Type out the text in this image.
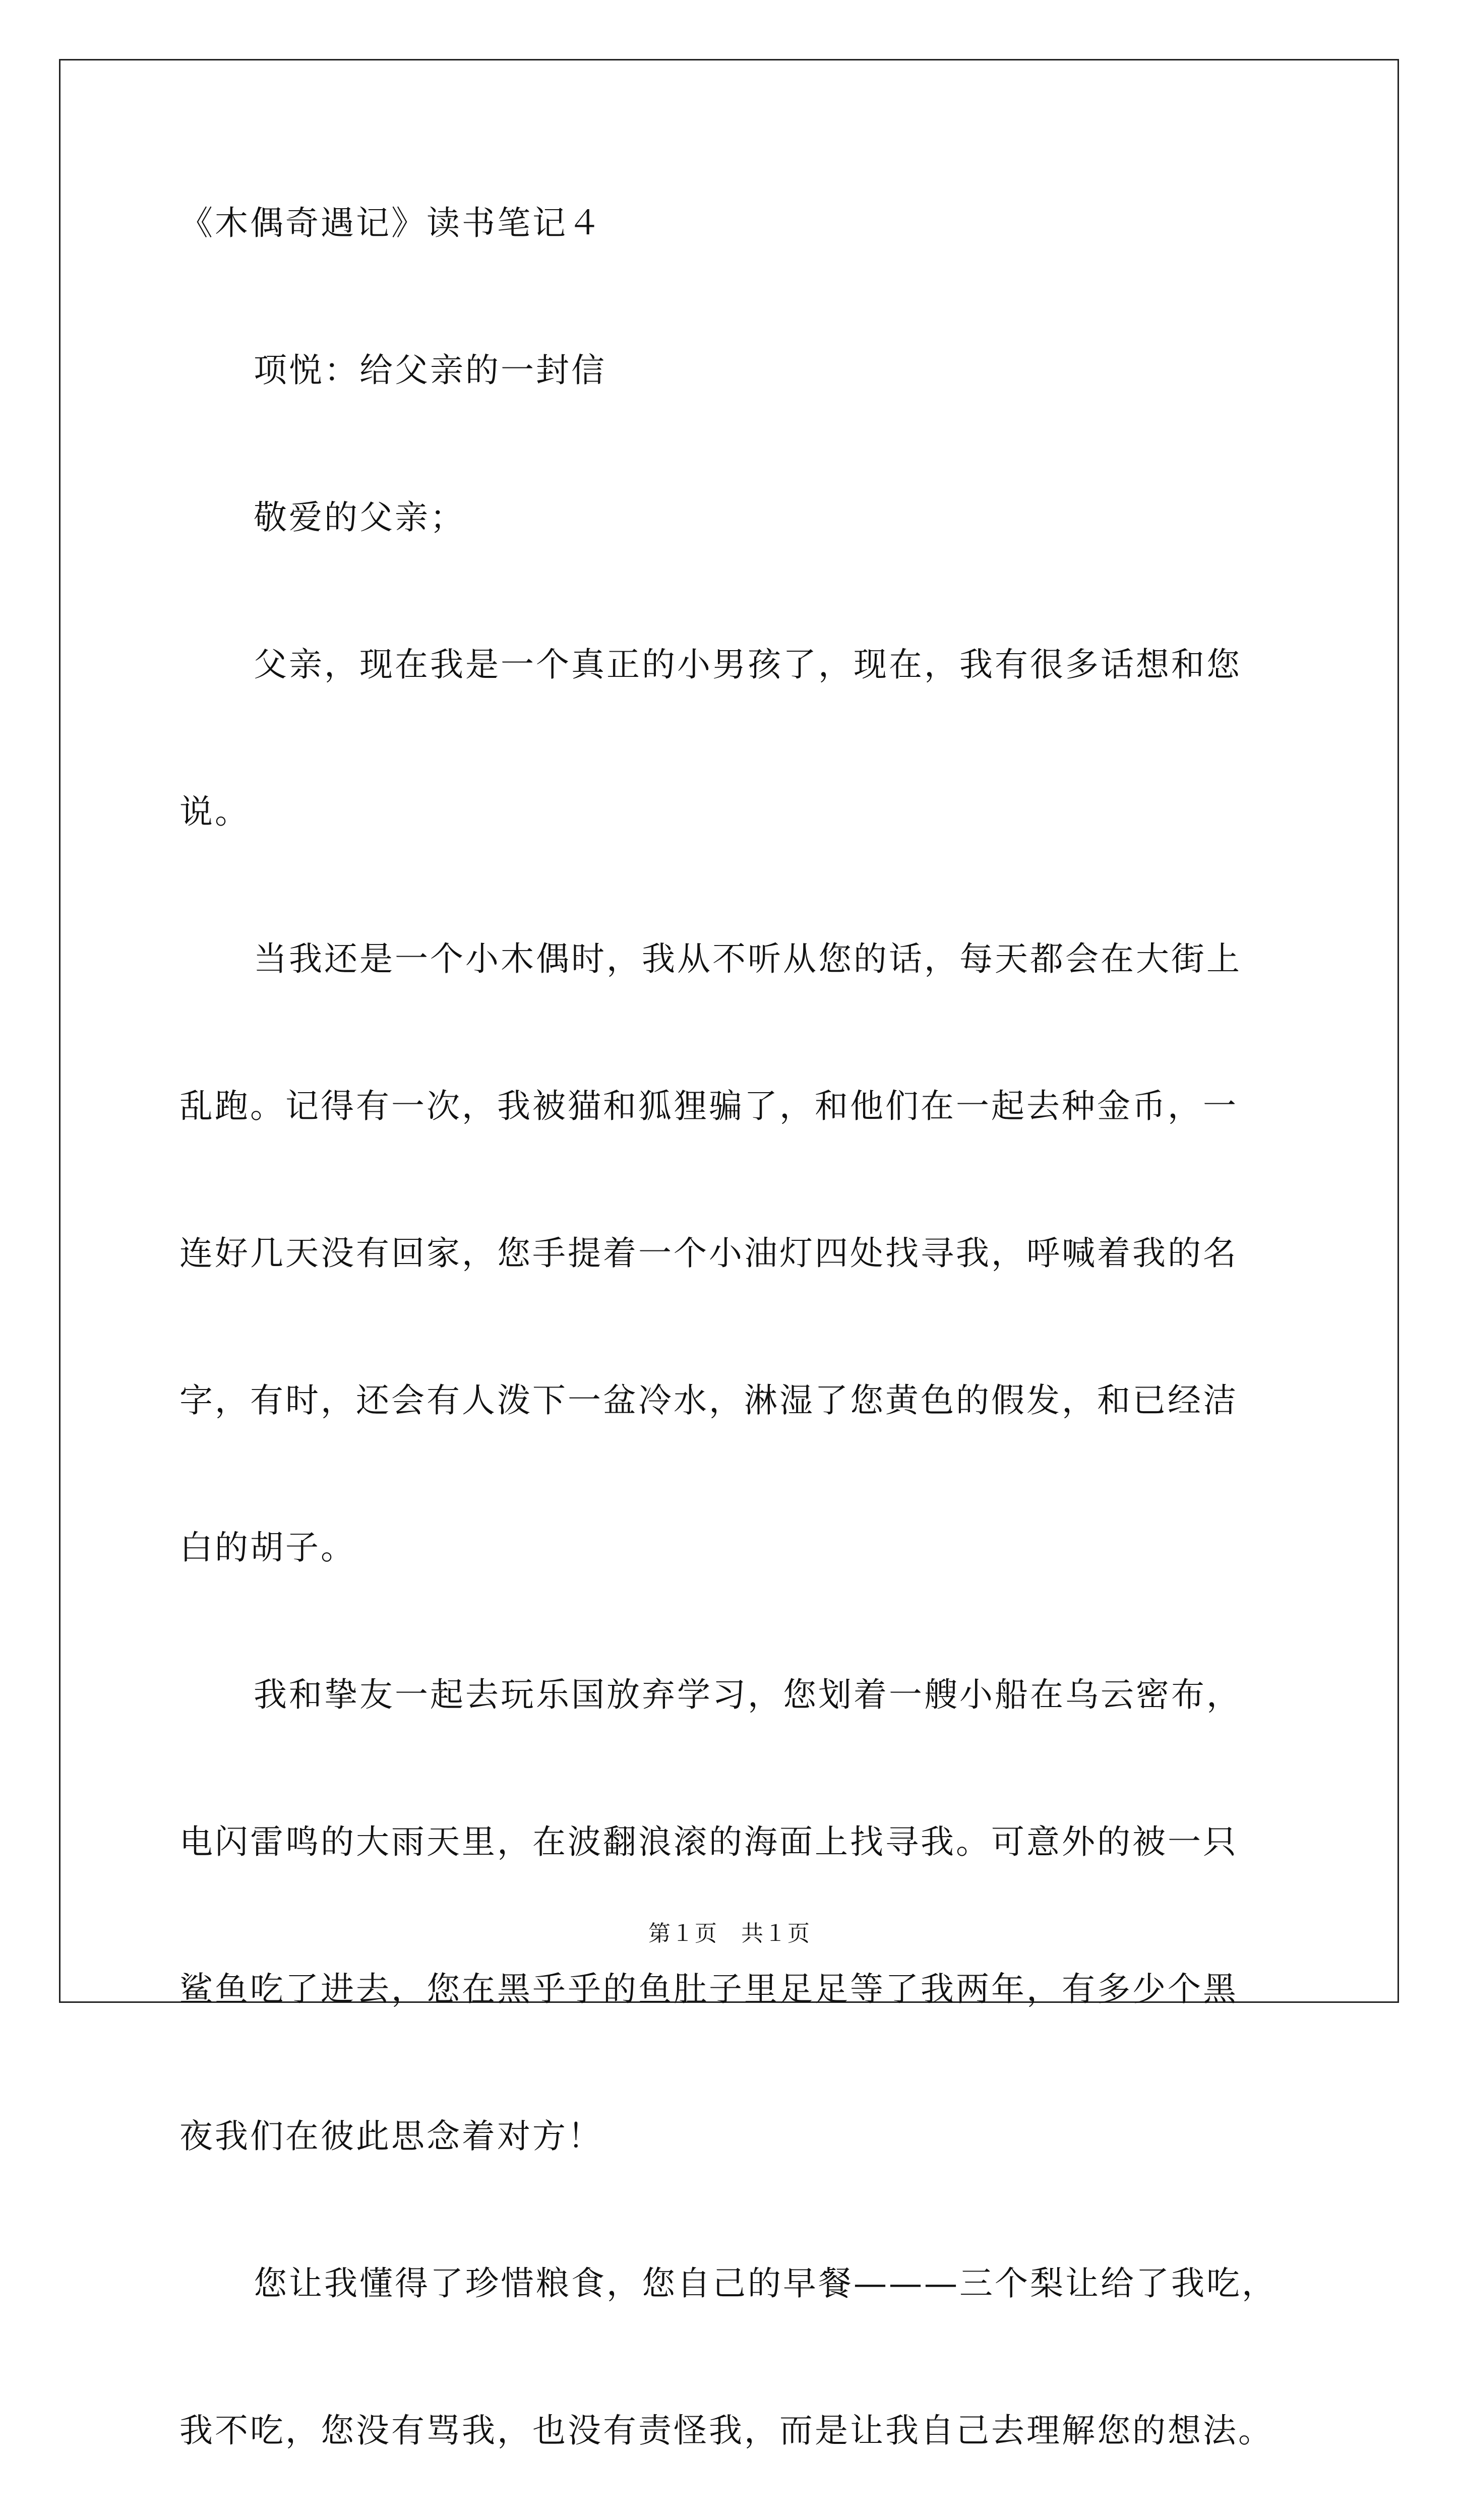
《木偶奇遇记》读书笔记４
项悦：给父亲的一封信
敬爱的父亲；
父亲，现在我是一个真正的小男孩了，现在，我有很多话想和您
说。
当我还是一个小木偶时，我从不听从您的话，每天都会在大街上
乱跑。记得有一次，我被猫和狐狸骗了，和他们在一起去种金币，一
连好几天没有回家，您手提着一个小油灯四处找寻我，呼喊着我的名
字，有时，还会有人泼下一盆冷水，淋湿了您黄色的假发，和已经洁
白的胡子。
我和挚友一起去玩乐国放弃学习，您划着一艘小船在乌云密布，
电闪雷鸣的大雨天里，在波翻浪滚的海面上找寻我。可意外的被一只
鲨鱼吃了进去，您在黑乎乎的鱼肚子里足足等了我两年，有多少个黑
夜我们在彼此思念着对方！
您让我懂得了珍惜粮食，您自己的早餐———三个梨让给了我吃，
我不吃，您没有骂我，也没有责怪我，而是让我自己去理解您的想法。
第１页　共１页
